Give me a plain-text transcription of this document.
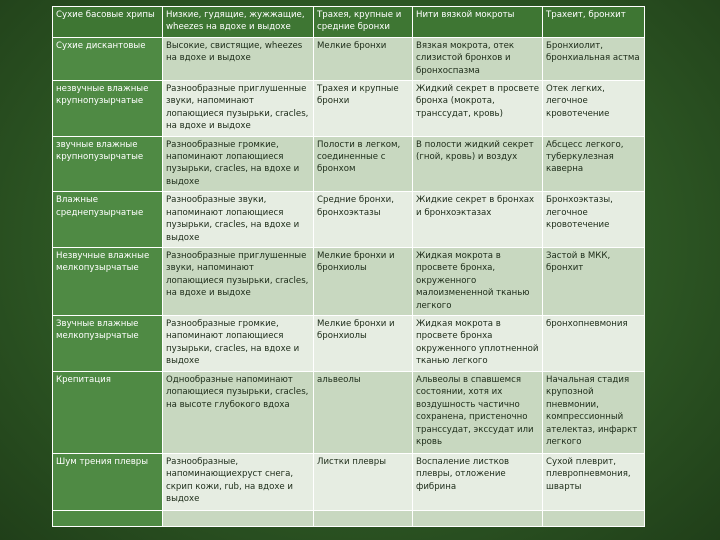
Сухие басовые хрипы	Низкие, гудящие, жужжащие, wheezes на вдохе и выдохе	Трахея, крупные и средние бронхи	Нити вязкой мокроты	Трахеит, бронхит
Сухие дискантовые	Высокие, свистящие, wheezes на вдохе и выдохе	Мелкие бронхи	Вязкая мокрота, отек слизистой бронхов и бронхоспазма	Бронхиолит, бронхиальная астма
незвучные влажные крупнопузырчатые	Разнообразные приглушенные звуки, напоминают лопающиеся пузырьки, cracles, на вдохе и выдохе	Трахея и крупные бронхи	Жидкий секрет в просвете бронха (мокрота, транссудат, кровь)	Отек легких, легочное кровотечение
звучные влажные крупнопузырчатые	Разнообразные громкие, напоминают лопающиеся пузырьки, cracles, на вдохе и выдохе	Полости в легком, соединенные с бронхом	В полости жидкий секрет (гной, кровь) и воздух	Абсцесс легкого, туберкулезная каверна
Влажные среднепузырчатые	Разнообразные звуки, напоминают лопающиеся пузырьки, cracles, на вдохе и выдохе	Средние бронхи, бронхоэктазы	Жидкие секрет в бронхах и бронхоэктазах	Бронхоэктазы, легочное кровотечение
Незвучные влажные мелкопузырчатые	Разнообразные приглушенные звуки, напоминают лопающиеся пузырьки, cracles, на вдохе и выдохе	Мелкие бронхи и бронхиолы	Жидкая мокрота в просвете бронха, окруженного малоизмененной тканью легкого	Застой в МКК, бронхит
Звучные влажные мелкопузырчатые	Разнообразные громкие, напоминают лопающиеся пузырьки, cracles, на вдохе и выдохе	Мелкие бронхи и бронхиолы	Жидкая мокрота в просвете бронха окруженного уплотненной тканью легкого	бронхопневмония
Крепитация	Однообразные напоминают лопающиеся пузырьки, cracles, на высоте глубокого вдоха	альвеолы	Альвеолы в спавшемся состоянии, хотя их воздушность частично сохранена, пристеночно транссудат, экссудат или кровь	Начальная стадия крупозной пневмонии, компрессионный ателектаз, инфаркт легкого
Шум трения плевры	Разнообразные, напоминающиехруст снега, скрип кожи, rub, на вдохе и выдохе	Листки плевры	Воспаление листков плевры, отложение фибрина	Сухой плеврит, плевропневмония, шварты
